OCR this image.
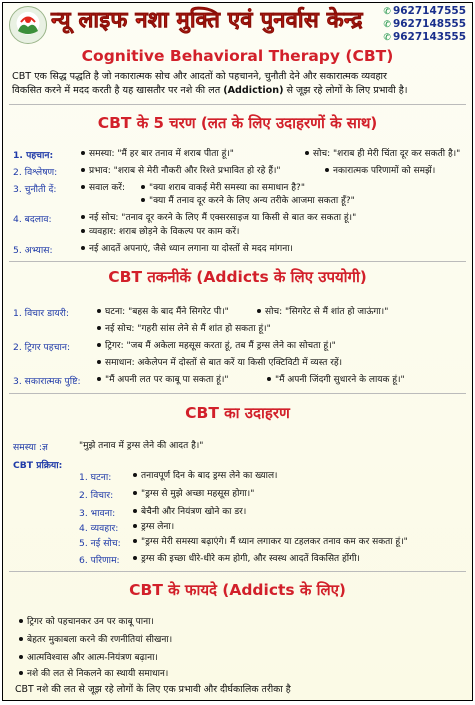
न्यू लाइफ नशा मुक्ति एवं पुनर्वास केन्द्र ✆ 9627147555
✆ 9627148555
✆ 9627143555
Cognitive Behavioral Therapy (CBT)
CBT एक सिद्ध पद्धति है जो नकारात्मक सोच और आदतों को पहचानने, चुनौती देने और सकारात्मक व्यवहार
विकसित करने में मदद करती है यह खासतौर पर नशे की लत (Addiction) से जूझ रहे लोगों के लिए प्रभावी है।
CBT के 5 चरण (लत के लिए उदाहरणों के साथ)
1. पहचान:	समस्या: "मैं हर बार तनाव में शराब पीता हूं।"	सोच: "शराब ही मेरी चिंता दूर कर सकती है।"
2. विश्लेषण:	प्रभाव: "शराब से मेरी नौकरी और रिश्ते प्रभावित हो रहे हैं।"	नकारात्मक परिणामों को समझें।
3. चुनौती दें:	सवाल करें:	"क्या शराब वाकई मेरी समस्या का समाधान है?"
"क्या मैं तनाव दूर करने के लिए अन्य तरीके आजमा सकता हूँ?"
4. बदलाव:	नई सोच: "तनाव दूर करने के लिए मैं एक्सरसाइज या किसी से बात कर सकता हूं।"
व्यवहार: शराब छोड़ने के विकल्प पर काम करें।
5. अभ्यास:	नई आदतें अपनाएं, जैसे ध्यान लगाना या दोस्तों से मदद मांगना।
CBT तकनीकें (Addicts के लिए उपयोगी)
1. विचार डायरी:	घटना: "बहस के बाद मैंने सिगरेट पी।"	सोच: "सिगरेट से मैं शांत हो जाऊंगा।"
नई सोच: "गहरी सांस लेने से मैं शांत हो सकता हूं।"
2. ट्रिगर पहचान:	ट्रिगर: "जब मैं अकेला महसूस करता हूं, तब मैं ड्रग्स लेने का सोचता हूं।"
समाधान: अकेलेपन में दोस्तों से बात करें या किसी एक्टिविटी में व्यस्त रहें।
3. सकारात्मक पुष्टि:	"मैं अपनी लत पर काबू पा सकता हूं।"	"मैं अपनी जिंदगी सुधारने के लायक हूं।"
CBT का उदाहरण
समस्या :ज्ञ	"मुझे तनाव में ड्रग्स लेने की आदत है।"
CBT प्रक्रिया:
1. घटना:	तनावपूर्ण दिन के बाद ड्रग्स लेने का ख्याल।
2. विचार:	"ड्रग्स से मुझे अच्छा महसूस होगा।"
3. भावना:	बेचैनी और नियंत्रण खोने का डर।
4. व्यवहार:	ड्रग्स लेना।
5. नई सोच:	"ड्रग्स मेरी समस्या बढ़ाएंगे। मैं ध्यान लगाकर या टहलकर तनाव कम कर सकता हूं।"
6. परिणाम:	ड्रग्स की इच्छा धीरे-धीरे कम होगी, और स्वस्थ आदतें विकसित होंगी।
CBT के फायदे (Addicts के लिए)
ट्रिगर को पहचानकर उन पर काबू पाना।
बेहतर मुकाबला करने की रणनीतियां सीखना।
आत्मविश्वास और आत्म-नियंत्रण बढ़ाना।
नशे की लत से निकलने का स्थायी समाधान।
CBT नशे की लत से जूझ रहे लोगों के लिए एक प्रभावी और दीर्घकालिक तरीका है
